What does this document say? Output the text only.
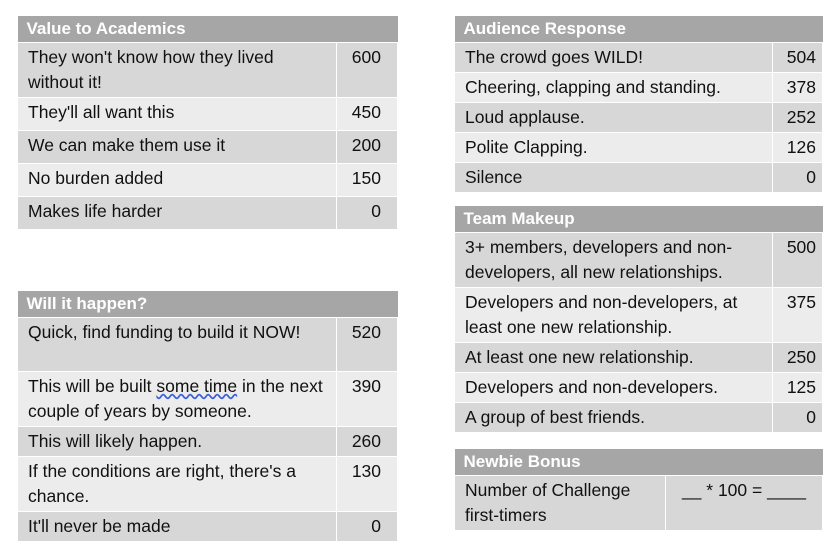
Value to Academics	
They won't know how they lived without it!	600
They'll all want this	450
We can make them use it	200
No burden added	150
Makes life harder	0
Will it happen?	
Quick, find funding to build it NOW!	520
This will be built some time in the next couple of years by someone.	390
This will likely happen.	260
If the conditions are right, there's a chance.	130
It'll never be made	0
Audience Response	
The crowd goes WILD!	504
Cheering, clapping and standing.	378
Loud applause.	252
Polite Clapping.	126
Silence	0
Team Makeup	
3+ members, developers and non-developers, all new relationships.	500
Developers and non-developers, at least one new relationship.	375
At least one new relationship.	250
Developers and non-developers.	125
A group of best friends.	0
Newbie Bonus
Number of Challenge first-timers	__ * 100 = ____
